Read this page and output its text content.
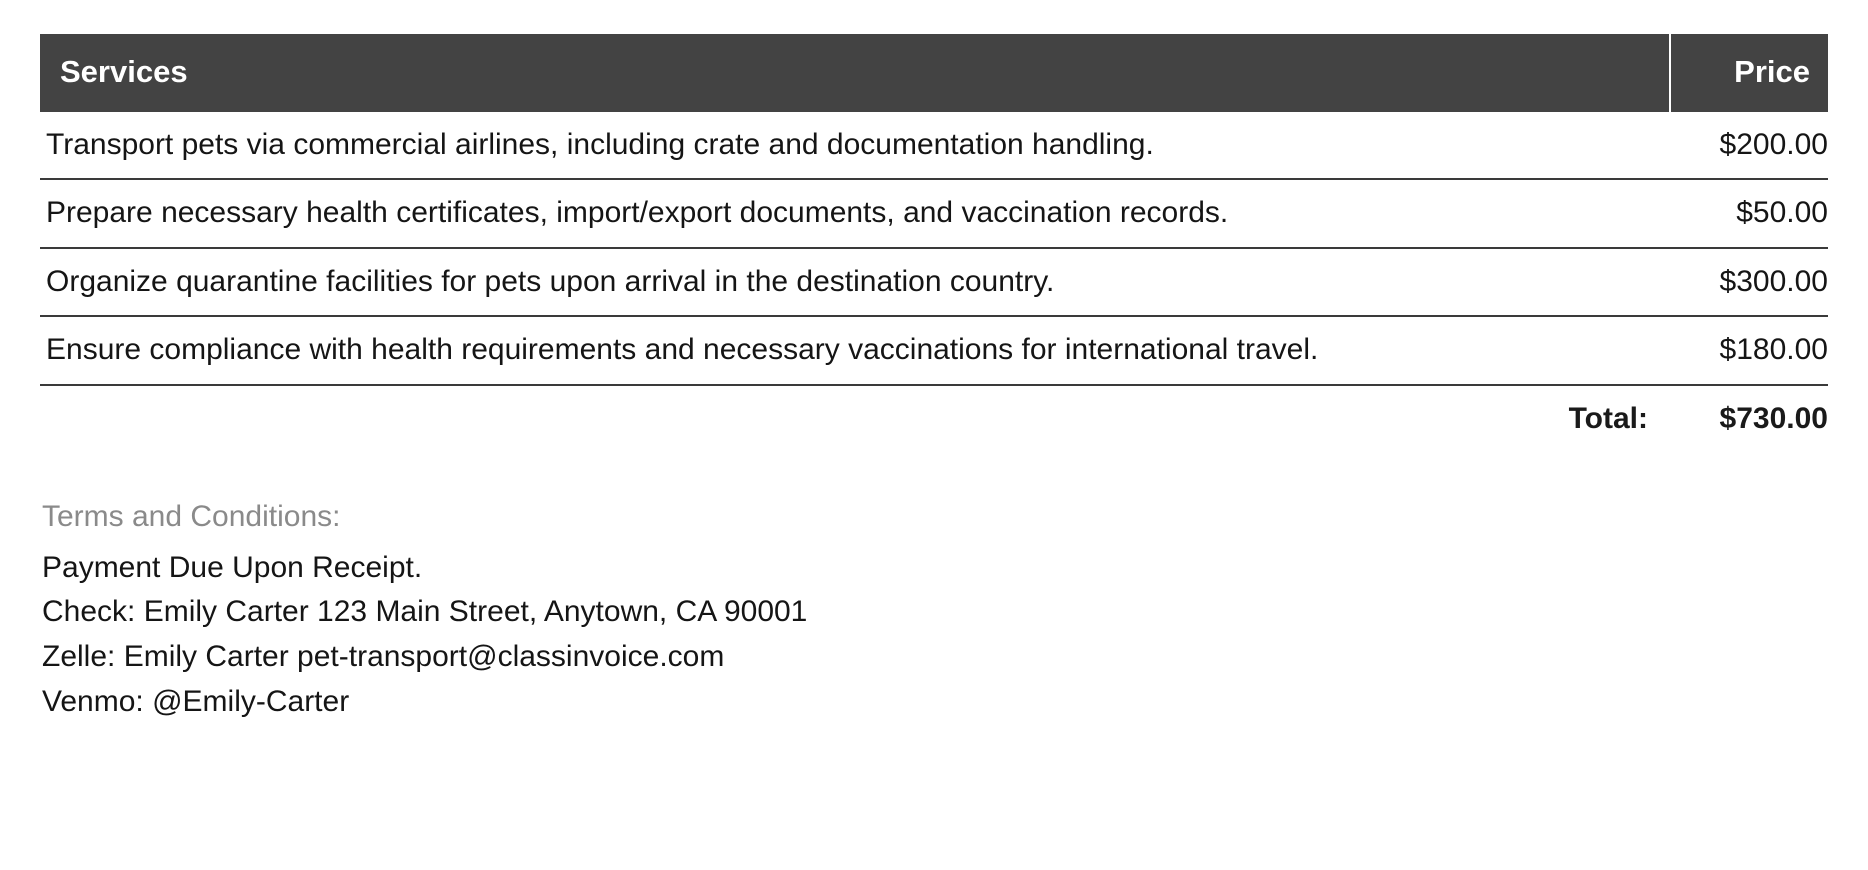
Services	Price
Transport pets via commercial airlines, including crate and documentation handling.	$200.00
Prepare necessary health certificates, import/export documents, and vaccination records.	$50.00
Organize quarantine facilities for pets upon arrival in the destination country.	$300.00
Ensure compliance with health requirements and necessary vaccinations for international travel.	$180.00
Total:	$730.00
Terms and Conditions:
Payment Due Upon Receipt.
Check: Emily Carter 123 Main Street, Anytown, CA 90001
Zelle: Emily Carter pet-transport@classinvoice.com
Venmo: @Emily-Carter
